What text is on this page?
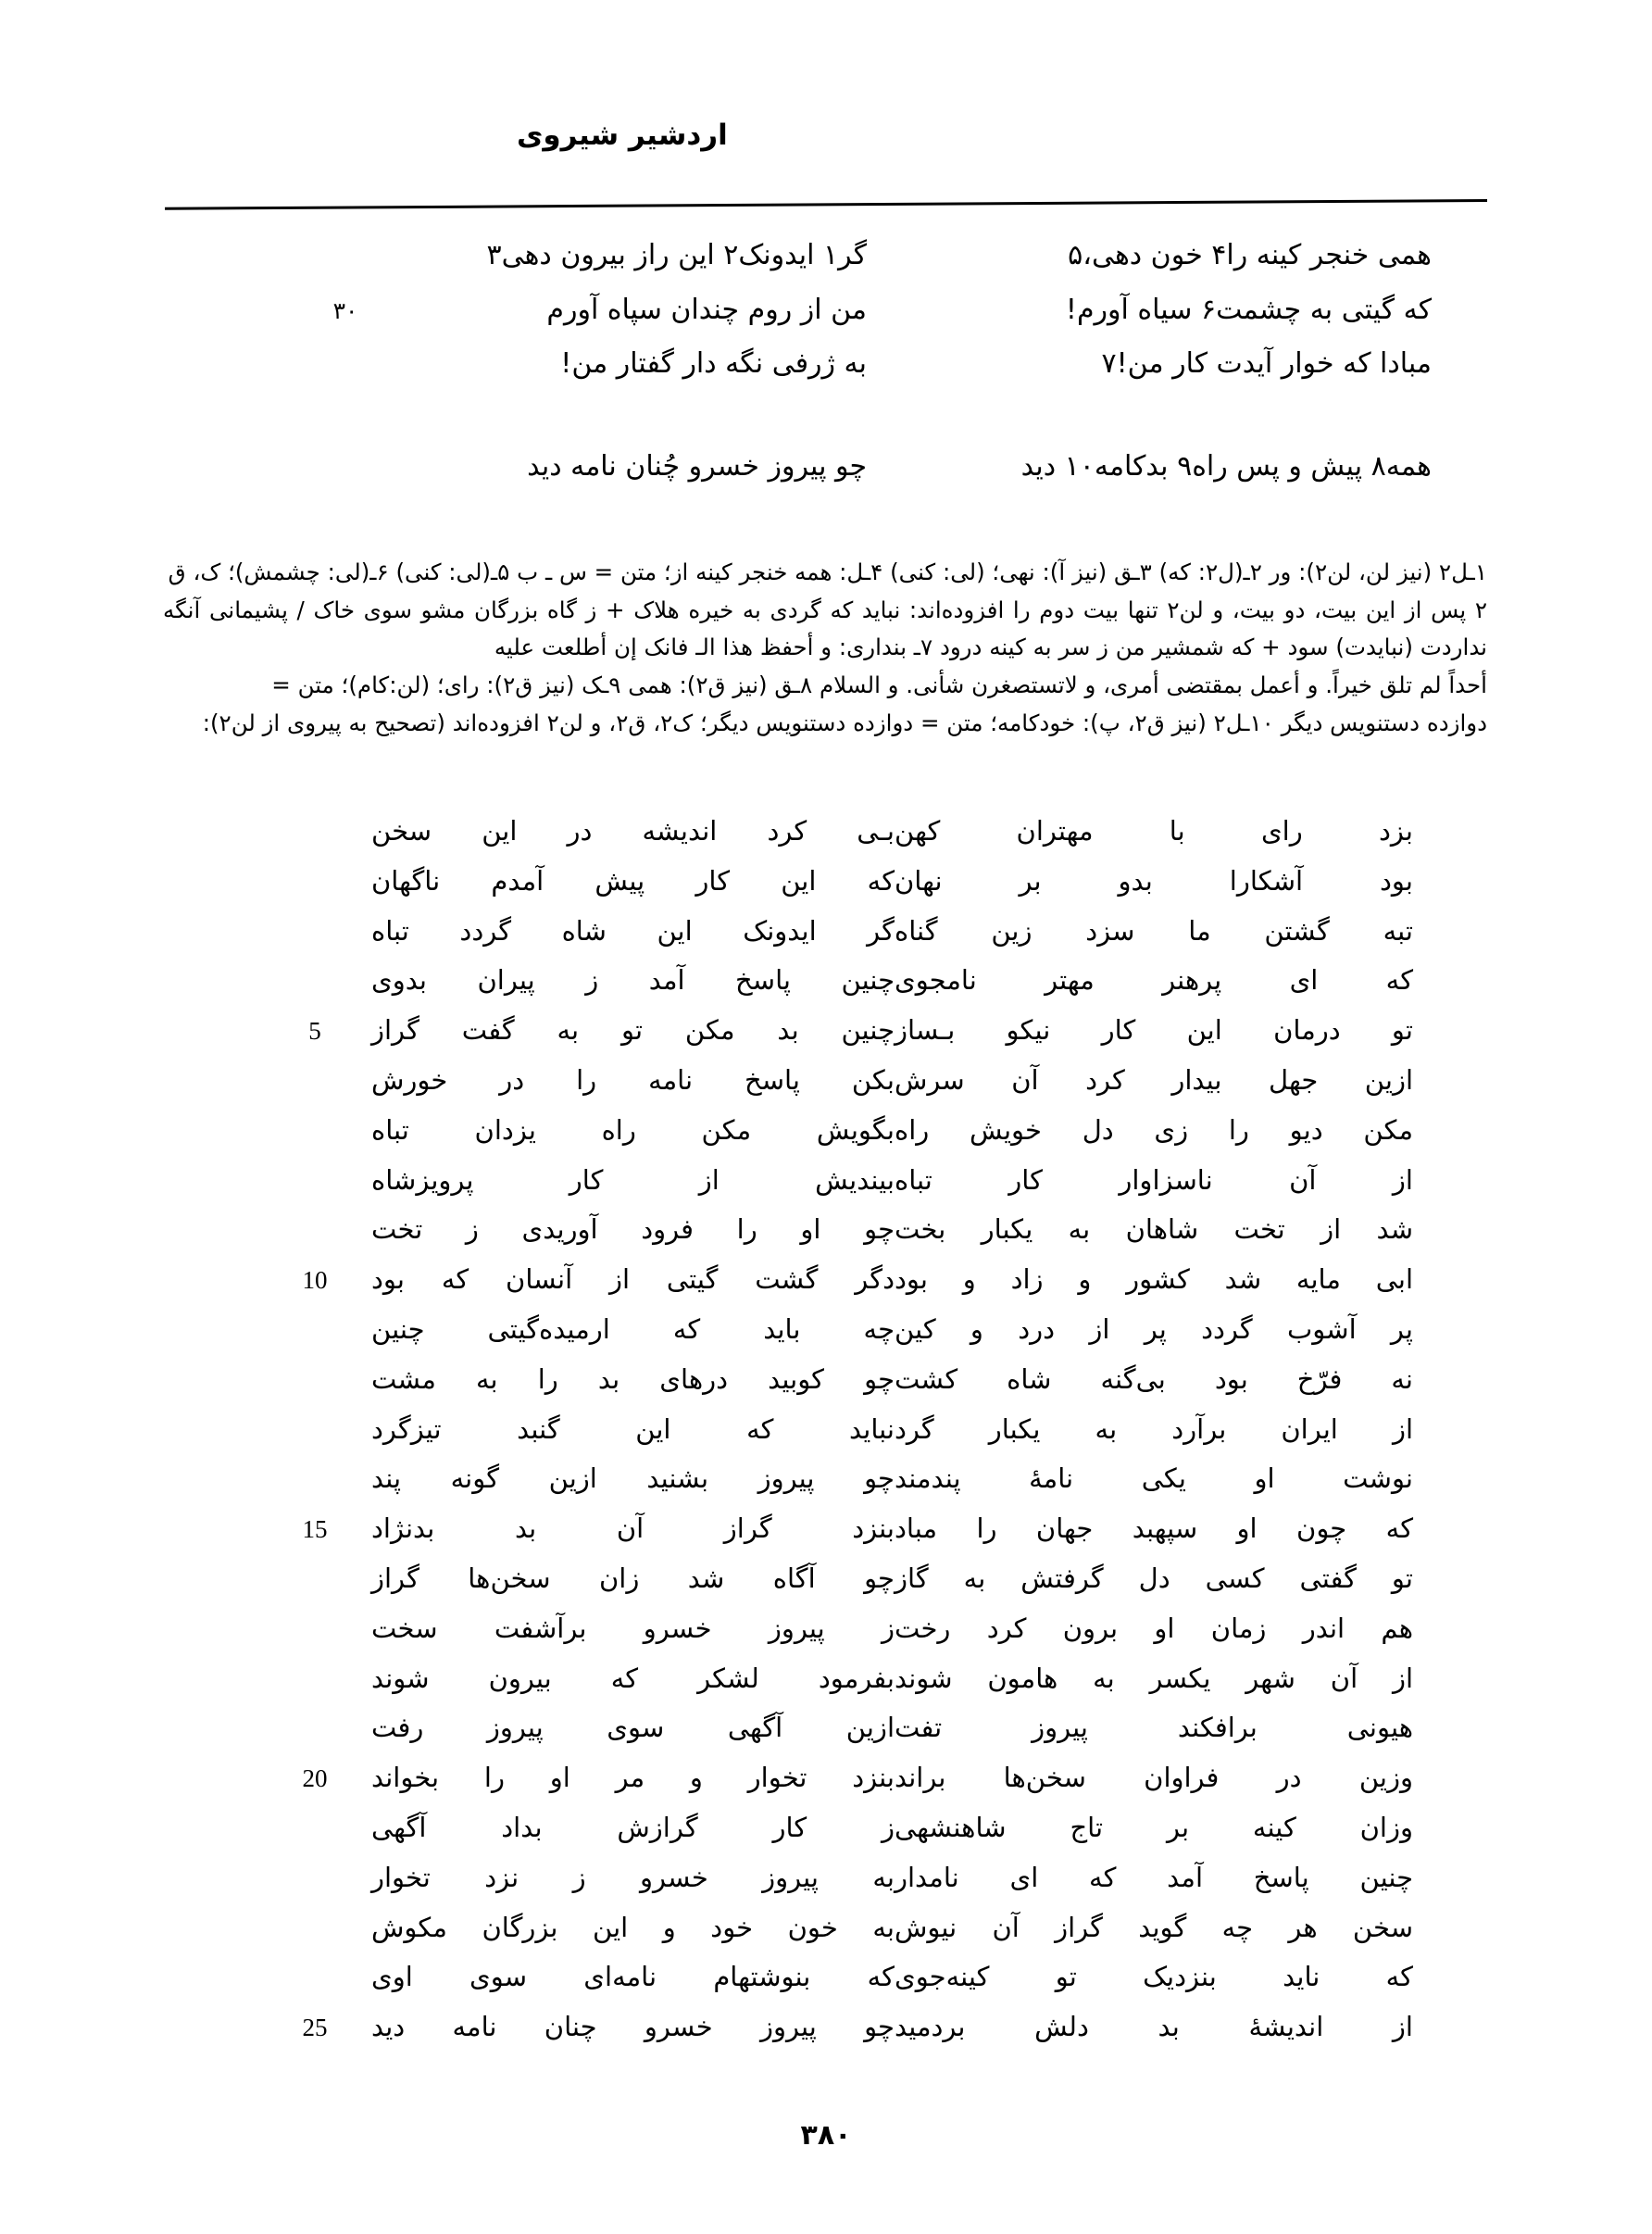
اردشیر شیروی
همی خنجر کینه را۴ خون دهی،۵
گر۱ ایدونک۲ این راز بیرون دهی۳
که گیتی به چشمت۶ سیاه آورم!
من از روم چندان سپاه آورم
۳۰
مبادا که خوار آیدت کار من!۷
به ژرفی نگه دار گفتار من!
همه۸ پیش و پس راه۹ بدکامه۱۰ دید
چو پیروز خسرو چُنان نامه دید

۱ـل۲ (نیز لن، لن۲): ور ۲ـ(ل۲: که) ۳ـق (نیز آ): نهی؛ (لی: کنی) ۴ـل: همه خنجر کینه از؛ متن = س ـ ب ۵ـ(لی: کنی) ۶ـ(لی: چشمش)؛ ک، ق

۲ پس از این بیت، دو بیت، و لن۲ تنها بیت دوم را افزوده‌اند: نباید که گردی به خیره هلاک + ز گاه بزرگان مشو سوی خاک / پشیمانی آنگه نداردت (نبایدت) سود + که شمشیر من ز سر به کینه درود ۷ـ بنداری: و أحفظ هذا الـ فانک إن أطلعت علیه

أحداً لم تلق خیراً. و أعمل بمقتضی أمری، و لاتستصغرن شأنی. و السلام ۸ـق (نیز ق۲): همی ۹ـک (نیز ق۲): رای؛ (لن:کام)؛ متن =

دوازده دستنویس دیگر ۱۰ـل۲ (نیز ق۲، پ): خودکامه؛ متن = دوازده دستنویس دیگر؛ ک۲، ق۲، و لن۲ افزوده‌اند (تصحیح به پیروی از لن۲):

بزد رای با مهتران کهن
بـی کرد اندیشه در این سخن
بود آشکارا بدو بر نهان
که این کار پیش آمدم ناگهان
تبه گشتن ما سزد زین گناه
گر ایدونک این شاه گردد تباه
که ای پرهنر مهتر نامجوی
چنین پاسخ آمد ز پیران بدوی
تو درمان این کار نیکو بـساز
چنین بد مکن تو به گفت گراز
5
ازین جهل بیدار کرد آن سرش
بکن پاسخ نامه را در خورش
مکن دیو را زی دل خویش راه
بگویش مکن راه یزدان تباه
از آن ناسزاوار کار تباه
بیندیش از کار پرویزشاه
شد از تخت شاهان به یکبار بخت
چو او را فرود آوریدی ز تخت
ابی مایه شد کشور و زاد و بود
دگر گشت گیتی از آنسان که بود
10
پر آشوب گردد پر از درد و کین
چه باید که ارمیده‌گیتی چنین
نه فرّخ بود بی‌گنه شاه کشت
چو کوبید درهای بد را به مشت
از ایران برآرد به یکبار گرد
نباید که این گنبد تیزگرد
نوشت او یکی نامهٔ پندمند
چو پیروز بشنید ازین گونه پند
که چون او سپهبد جهان را مباد
بنزد گراز آن بد بدنژاد
15
تو گفتی کسی دل گرفتش به گاز
چو آگاه شد زان سخن‌ها گراز
هم اندر زمان او برون کرد رخت
ز پیروز خسرو برآشفت سخت
از آن شهر یکسر به هامون شوند
بفرمود لشکر که بیرون شوند
هیونی برافکند پیروز تفت
ازین آگهی سوی پیروز رفت
وزین در فراوان سخن‌ها براند
بنزد تخوار و مر او را بخواند
20
وزان کینه بر تاج شاهنشهی
ز کار گرازش بداد آگهی
چنین پاسخ آمد که ای نامدار
به پیروز خسرو ز نزد تخوار
سخن هر چه گوید گراز آن نیوش
به خون خود و این بزرگان مکوش
که ناید بنزدیک تو کینه‌جوی
که بنوشتهام نامه‌ای سوی اوی
از اندیشهٔ بد دلش بردمید
چو پیروز خسرو چنان نامه دید
25
۳۸۰
